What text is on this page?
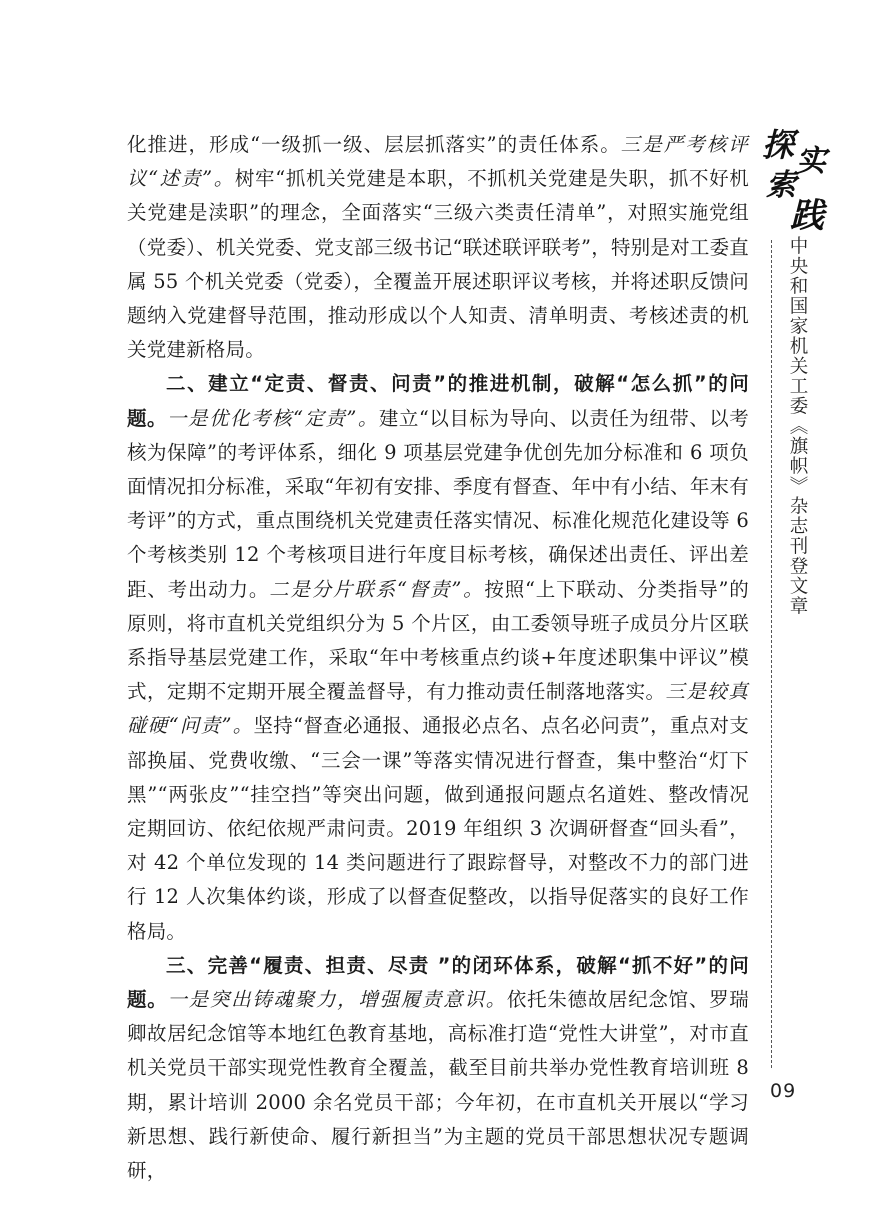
化推进，形成“一级抓一级、层层抓落实”的责任体系。三是严考核评议“述责”。树牢“抓机关党建是本职，不抓机关党建是失职，抓不好机关党建是渎职”的理念，全面落实“三级六类责任清单”，对照实施党组（党委）、机关党委、党支部三级书记“联述联评联考”，特别是对工委直属 55 个机关党委（党委），全覆盖开展述职评议考核，并将述职反馈问题纳入党建督导范围，推动形成以个人知责、清单明责、考核述责的机关党建新格局。

二、建立“定责、督责、问责”的推进机制，破解“怎么抓”的问题。一是优化考核“定责”。建立“以目标为导向、以责任为纽带、以考核为保障”的考评体系，细化 9 项基层党建争优创先加分标准和 6 项负面情况扣分标准，采取“年初有安排、季度有督查、年中有小结、年末有考评”的方式，重点围绕机关党建责任落实情况、标准化规范化建设等 6 个考核类别 12 个考核项目进行年度目标考核，确保述出责任、评出差距、考出动力。二是分片联系“督责”。按照“上下联动、分类指导”的原则，将市直机关党组织分为 5 个片区，由工委领导班子成员分片区联系指导基层党建工作，采取“年中考核重点约谈+年度述职集中评议”模式，定期不定期开展全覆盖督导，有力推动责任制落地落实。三是较真碰硬“问责”。坚持“督查必通报、通报必点名、点名必问责”，重点对支部换届、党费收缴、“三会一课”等落实情况进行督查，集中整治“灯下黑”“两张皮”“挂空挡”等突出问题，做到通报问题点名道姓、整改情况定期回访、依纪依规严肃问责。2019 年组织 3 次调研督查“回头看”，对 42 个单位发现的 14 类问题进行了跟踪督导，对整改不力的部门进行 12 人次集体约谈，形成了以督查促整改，以指导促落实的良好工作格局。

三、完善“履责、担责、尽责 ”的闭环体系，破解“抓不好”的问题。一是突出铸魂聚力，增强履责意识。依托朱德故居纪念馆、罗瑞卿故居纪念馆等本地红色教育基地，高标准打造“党性大讲堂”，对市直机关党员干部实现党性教育全覆盖，截至目前共举办党性教育培训班 8 期，累计培训 2000 余名党员干部；今年初，在市直机关开展以“学习新思想、践行新使命、履行新担当”为主题的党员干部思想状况专题调研，

探 实
索
践
中央和国家机关工委《旗帜》杂志刊登文章
09
